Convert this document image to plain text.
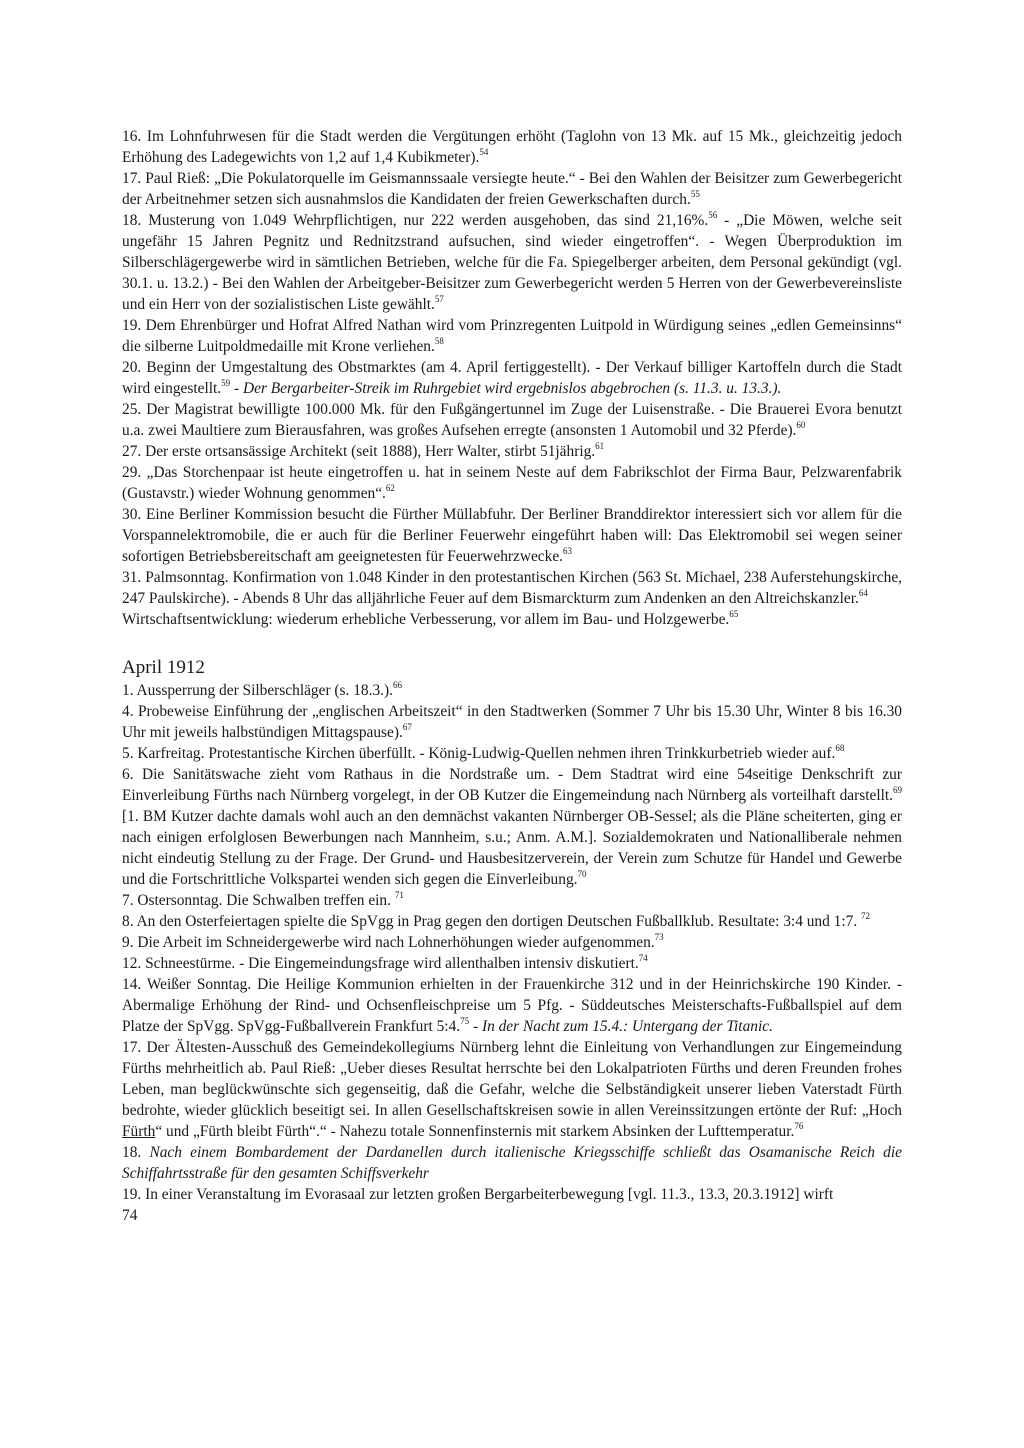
16. Im Lohnfuhrwesen für die Stadt werden die Vergütungen erhöht (Taglohn von 13 Mk. auf 15 Mk., gleichzeitig jedoch Erhöhung des Ladegewichts von 1,2 auf 1,4 Kubikmeter).$^{54}$

17. Paul Rieß: „Die Pokulatorquelle im Geismannssaale versiegte heute.“ - Bei den Wahlen der Beisitzer zum Gewerbegericht der Arbeitnehmer setzen sich ausnahmslos die Kandidaten der freien Gewerkschaften durch.$^{55}$

18. Musterung von 1.049 Wehrpflichtigen, nur 222 werden ausgehoben, das sind 21,16%.$^{56}$ - „Die Möwen, welche seit ungefähr 15 Jahren Pegnitz und Rednitzstrand aufsuchen, sind wieder eingetroffen“. - Wegen Überproduktion im Silberschlägergewerbe wird in sämtlichen Betrieben, welche für die Fa. Spiegelberger arbeiten, dem Personal gekündigt (vgl. 30.1. u. 13.2.) - Bei den Wahlen der Arbeitgeber-Beisitzer zum Gewerbegericht werden 5 Herren von der Gewerbevereinsliste und ein Herr von der sozialistischen Liste gewählt.$^{57}$

19. Dem Ehrenbürger und Hofrat Alfred Nathan wird vom Prinzregenten Luitpold in Würdigung seines „edlen Gemeinsinns“ die silberne Luitpoldmedaille mit Krone verliehen.$^{58}$

20. Beginn der Umgestaltung des Obstmarktes (am 4. April fertiggestellt). - Der Verkauf billiger Kartoffeln durch die Stadt wird eingestellt.$^{59}$ - Der Bergarbeiter-Streik im Ruhrgebiet wird ergebnislos abgebrochen (s. 11.3. u. 13.3.).

25. Der Magistrat bewilligte 100.000 Mk. für den Fußgängertunnel im Zuge der Luisenstraße. - Die Brauerei Evora benutzt u.a. zwei Maultiere zum Bierausfahren, was großes Aufsehen erregte (ansonsten 1 Automobil und 32 Pferde).$^{60}$

27. Der erste ortsansässige Architekt (seit 1888), Herr Walter, stirbt 51jährig.$^{61}$

29. „Das Storchenpaar ist heute eingetroffen u. hat in seinem Neste auf dem Fabrikschlot der Firma Baur, Pelzwarenfabrik (Gustavstr.) wieder Wohnung genommen“.$^{62}$

30. Eine Berliner Kommission besucht die Fürther Müllabfuhr. Der Berliner Branddirektor interessiert sich vor allem für die Vorspannelektromobile, die er auch für die Berliner Feuerwehr eingeführt haben will: Das Elektromobil sei wegen seiner sofortigen Betriebsbereitschaft am geeignetesten für Feuerwehrzwecke.$^{63}$

31. Palmsonntag. Konfirmation von 1.048 Kinder in den protestantischen Kirchen (563 St. Michael, 238 Auferstehungskirche, 247 Paulskirche). - Abends 8 Uhr das alljährliche Feuer auf dem Bismarckturm zum Andenken an den Altreichskanzler.$^{64}$

Wirtschaftsentwicklung: wiederum erhebliche Verbesserung, vor allem im Bau- und Holzgewerbe.$^{65}$

April 1912

1. Aussperrung der Silberschläger (s. 18.3.).$^{66}$

4. Probeweise Einführung der „englischen Arbeitszeit“ in den Stadtwerken (Sommer 7 Uhr bis 15.30 Uhr, Winter 8 bis 16.30 Uhr mit jeweils halbstündigen Mittagspause).$^{67}$

5. Karfreitag. Protestantische Kirchen überfüllt. - König-Ludwig-Quellen nehmen ihren Trinkkurbetrieb wieder auf.$^{68}$

6. Die Sanitätswache zieht vom Rathaus in die Nordstraße um. - Dem Stadtrat wird eine 54seitige Denkschrift zur Einverleibung Fürths nach Nürnberg vorgelegt, in der OB Kutzer die Eingemeindung nach Nürnberg als vorteilhaft darstellt.$^{69}$ [1. BM Kutzer dachte damals wohl auch an den demnächst vakanten Nürnberger OB-Sessel; als die Pläne scheiterten, ging er nach einigen erfolglosen Bewerbungen nach Mannheim, s.u.; Anm. A.M.]. Sozialdemokraten und Nationalliberale nehmen nicht eindeutig Stellung zu der Frage. Der Grund- und Hausbesitzerverein, der Verein zum Schutze für Handel und Gewerbe und die Fortschrittliche Volkspartei wenden sich gegen die Einverleibung.$^{70}$

7. Ostersonntag. Die Schwalben treffen ein. $^{71}$

8. An den Osterfeiertagen spielte die SpVgg in Prag gegen den dortigen Deutschen Fußballklub. Resultate: 3:4 und 1:7. $^{72}$

9. Die Arbeit im Schneidergewerbe wird nach Lohnerhöhungen wieder aufgenommen.$^{73}$

12. Schneestürme. - Die Eingemeindungsfrage wird allenthalben intensiv diskutiert.$^{74}$

14. Weißer Sonntag. Die Heilige Kommunion erhielten in der Frauenkirche 312 und in der Heinrichskirche 190 Kinder. - Abermalige Erhöhung der Rind- und Ochsenfleischpreise um 5 Pfg. - Süddeutsches Meisterschafts-Fußballspiel auf dem Platze der SpVgg. SpVgg-Fußballverein Frankfurt 5:4.75 - In der Nacht zum 15.4.: Untergang der Titanic.

17. Der Ältesten-Ausschuß des Gemeindekollegiums Nürnberg lehnt die Einleitung von Verhandlungen zur Eingemeindung Fürths mehrheitlich ab. Paul Rieß: „Ueber dieses Resultat herrschte bei den Lokalpatrioten Fürths und deren Freunden frohes Leben, man beglückwünschte sich gegenseitig, daß die Gefahr, welche die Selbständigkeit unserer lieben Vaterstadt Fürth bedrohte, wieder glücklich beseitigt sei. In allen Gesellschaftskreisen sowie in allen Vereinssitzungen ertönte der Ruf: „Hoch Fürth“ und „Fürth bleibt Fürth“.“ - Nahezu totale Sonnenfinsternis mit starkem Absinken der Lufttemperatur.$^{76}$

18. Nach einem Bombardement der Dardanellen durch italienische Kriegsschiffe schließt das Osamanische Reich die Schiffahrtsstraße für den gesamten Schiffsverkehr

19. In einer Veranstaltung im Evorasaal zur letzten großen Bergarbeiterbewegung [vgl. 11.3., 13.3, 20.3.1912] wirft

74
